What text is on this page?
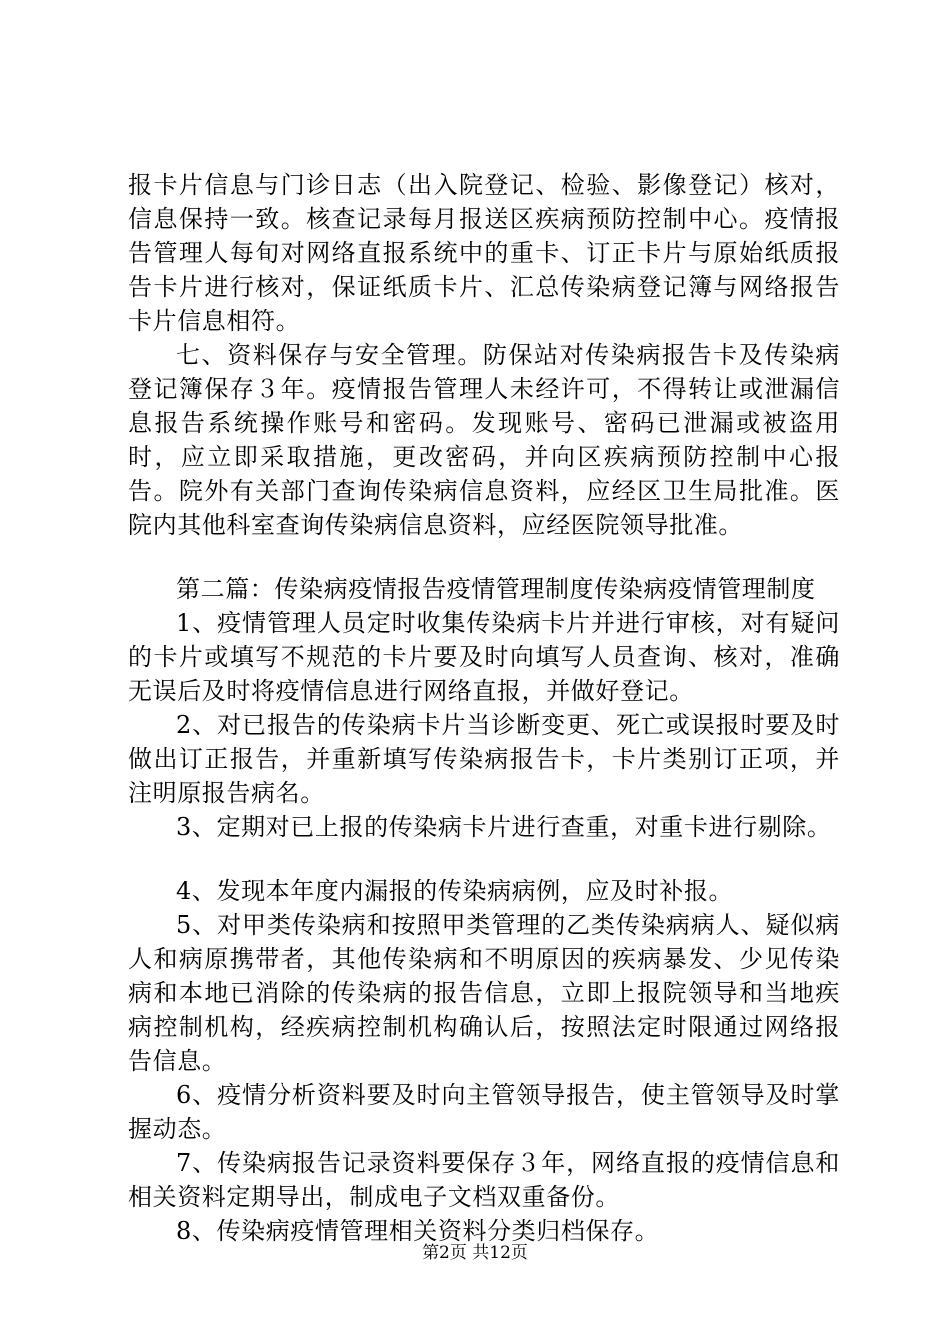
报卡片信息与门诊日志（出入院登记、检验、影像登记）核对，信息保持一致。核查记录每月报送区疾病预防控制中心。疫情报告管理人每旬对网络直报系统中的重卡、订正卡片与原始纸质报告卡片进行核对，保证纸质卡片、汇总传染病登记簿与网络报告卡片信息相符。

七、资料保存与安全管理。防保站对传染病报告卡及传染病登记簿保存３年。疫情报告管理人未经许可，不得转让或泄漏信息报告系统操作账号和密码。发现账号、密码已泄漏或被盗用时，应立即采取措施，更改密码，并向区疾病预防控制中心报告。院外有关部门查询传染病信息资料，应经区卫生局批准。医院内其他科室查询传染病信息资料，应经医院领导批准。

第二篇：传染病疫情报告疫情管理制度传染病疫情管理制度

1、疫情管理人员定时收集传染病卡片并进行审核，对有疑问的卡片或填写不规范的卡片要及时向填写人员查询、核对，准确无误后及时将疫情信息进行网络直报，并做好登记。

2、对已报告的传染病卡片当诊断变更、死亡或误报时要及时做出订正报告，并重新填写传染病报告卡，卡片类别订正项，并注明原报告病名。

3、定期对已上报的传染病卡片进行查重，对重卡进行剔除。

4、发现本年度内漏报的传染病病例，应及时补报。

5、对甲类传染病和按照甲类管理的乙类传染病病人、疑似病人和病原携带者，其他传染病和不明原因的疾病暴发、少见传染病和本地已消除的传染病的报告信息，立即上报院领导和当地疾病控制机构，经疾病控制机构确认后，按照法定时限通过网络报告信息。

6、疫情分析资料要及时向主管领导报告，使主管领导及时掌握动态。

7、传染病报告记录资料要保存３年，网络直报的疫情信息和相关资料定期导出，制成电子文档双重备份。

8、传染病疫情管理相关资料分类归档保存。

第2页 共12页
